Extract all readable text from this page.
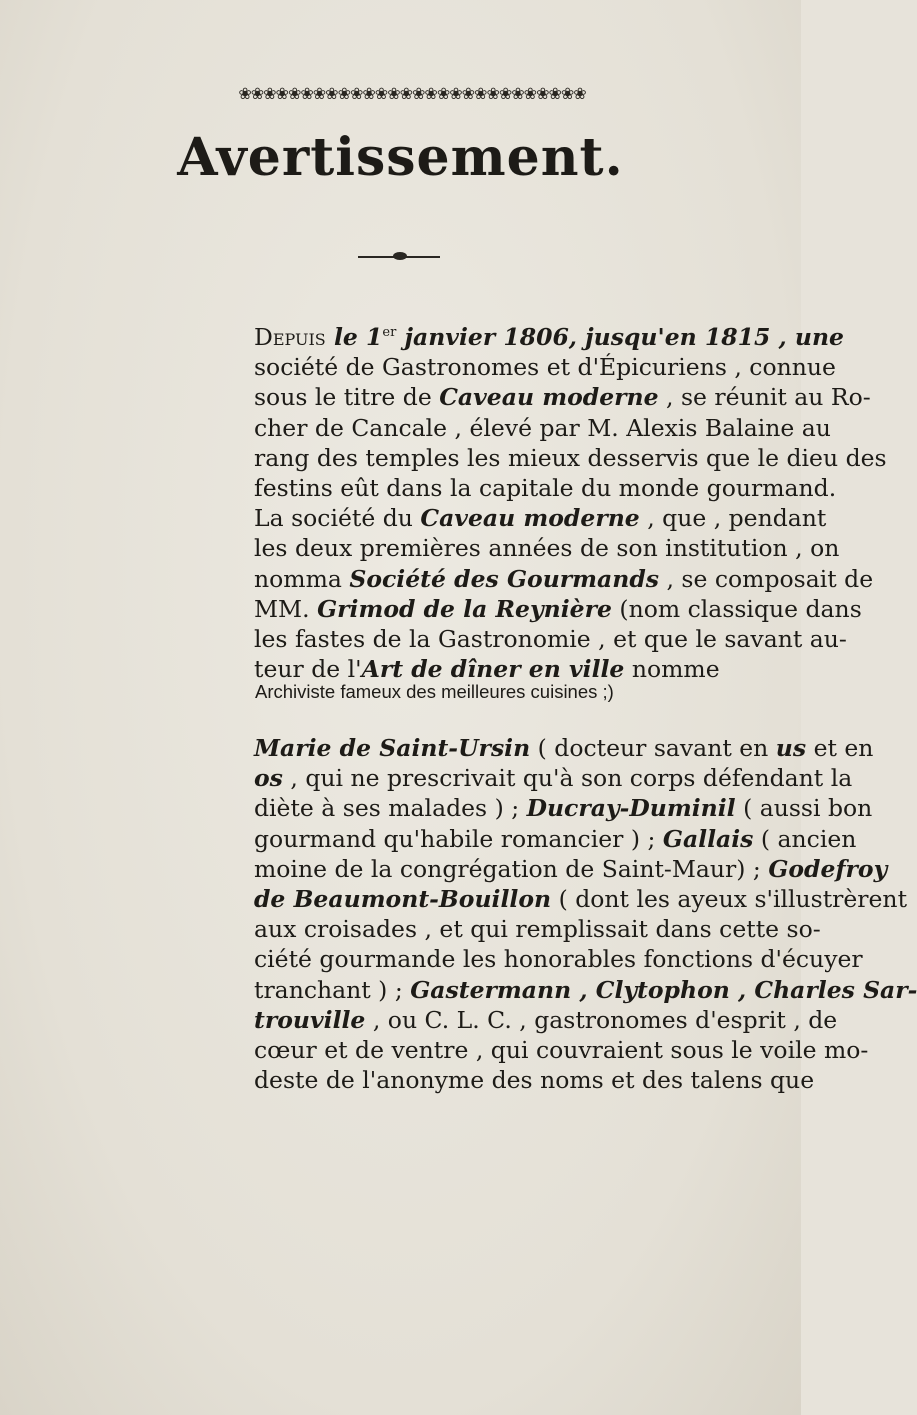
❀❀❀❀❀❀❀❀❀❀❀❀❀❀❀❀❀❀❀❀❀❀❀❀❀❀❀❀
Avertissement.
Depuis le 1er janvier 1806, jusqu'en 1815 , une
société de Gastronomes et d'Épicuriens , connue
sous le titre de Caveau moderne , se réunit au Ro-
cher de Cancale , élevé par M. Alexis Balaine au
rang des temples les mieux desservis que le dieu des
festins eût dans la capitale du monde gourmand.
La société du Caveau moderne , que , pendant
les deux premières années de son institution , on
nomma Société des Gourmands , se composait de
MM. Grimod de la Reynière (nom classique dans
les fastes de la Gastronomie , et que le savant au-
teur de l'Art de dîner en ville nomme
Archiviste fameux des meilleures cuisines ;)
Marie de Saint-Ursin ( docteur savant en us et en
os , qui ne prescrivait qu'à son corps défendant la
diète à ses malades ) ; Ducray-Duminil ( aussi bon
gourmand qu'habile romancier ) ; Gallais ( ancien
moine de la congrégation de Saint-Maur) ; Godefroy
de Beaumont-Bouillon ( dont les ayeux s'illustrèrent
aux croisades , et qui remplissait dans cette so-
ciété gourmande les honorables fonctions d'écuyer
tranchant ) ; Gastermann , Clytophon , Charles Sar-
trouville , ou C. L. C. , gastronomes d'esprit , de
cœur et de ventre , qui couvraient sous le voile mo-
deste de l'anonyme des noms et des talens que
